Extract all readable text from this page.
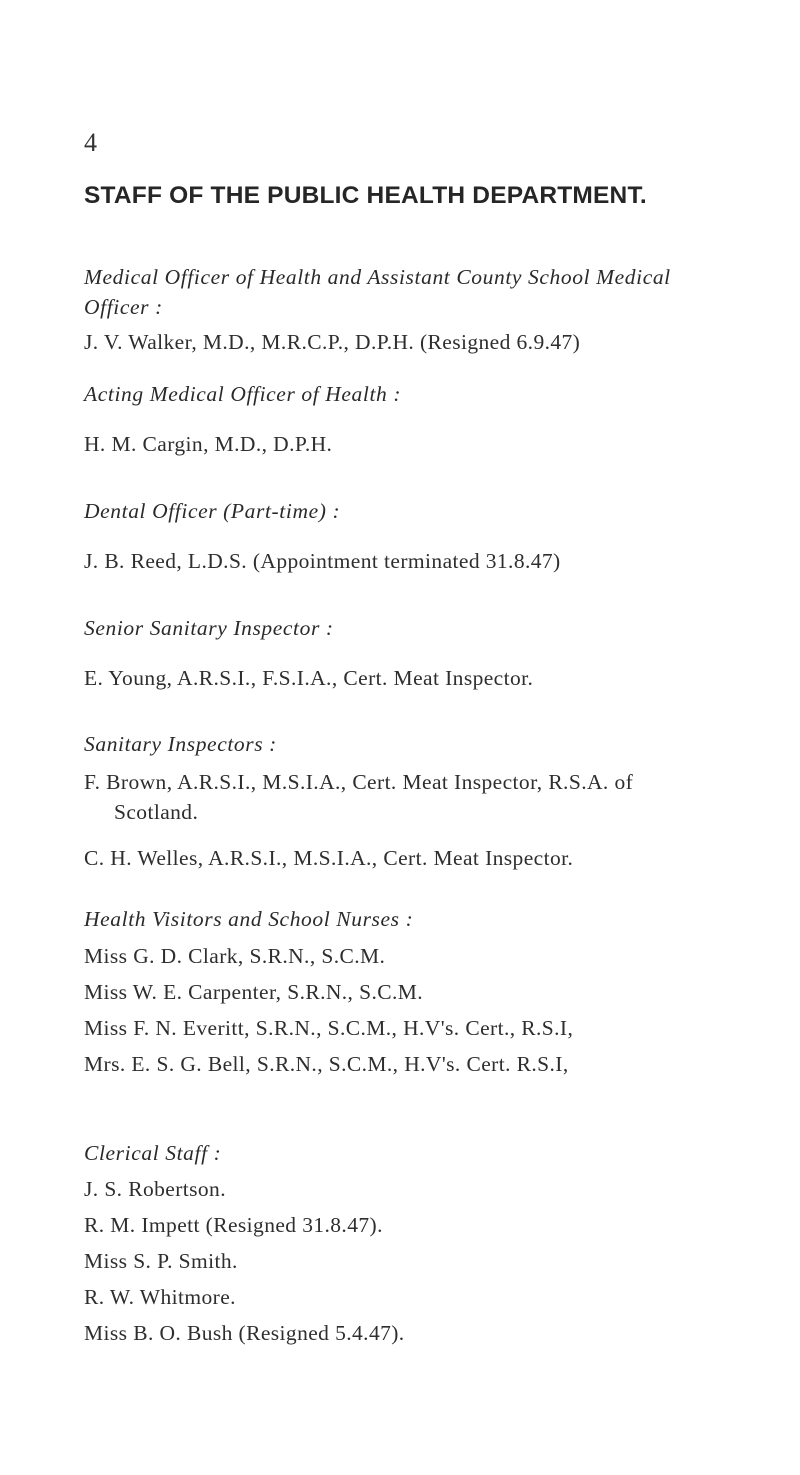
4
STAFF OF THE PUBLIC HEALTH DEPARTMENT.
Medical Officer of Health and Assistant County School Medical
Officer :
J. V. Walker, M.D., M.R.C.P., D.P.H. (Resigned 6.9.47)
Acting Medical Officer of Health :
H. M. Cargin, M.D., D.P.H.
Dental Officer (Part-time) :
J. B. Reed, L.D.S. (Appointment terminated 31.8.47)
Senior Sanitary Inspector :
E. Young, A.R.S.I., F.S.I.A., Cert. Meat Inspector.
Sanitary Inspectors :
F. Brown, A.R.S.I., M.S.I.A., Cert. Meat Inspector, R.S.A. of
Scotland.
C. H. Welles, A.R.S.I., M.S.I.A., Cert. Meat Inspector.
Health Visitors and School Nurses :
Miss G. D. Clark, S.R.N., S.C.M.
Miss W. E. Carpenter, S.R.N., S.C.M.
Miss F. N. Everitt, S.R.N., S.C.M., H.V's. Cert., R.S.I,
Mrs. E. S. G. Bell, S.R.N., S.C.M., H.V's. Cert. R.S.I,
Clerical Staff :
J. S. Robertson.
R. M. Impett (Resigned 31.8.47).
Miss S. P. Smith.
R. W. Whitmore.
Miss B. O. Bush (Resigned 5.4.47).
